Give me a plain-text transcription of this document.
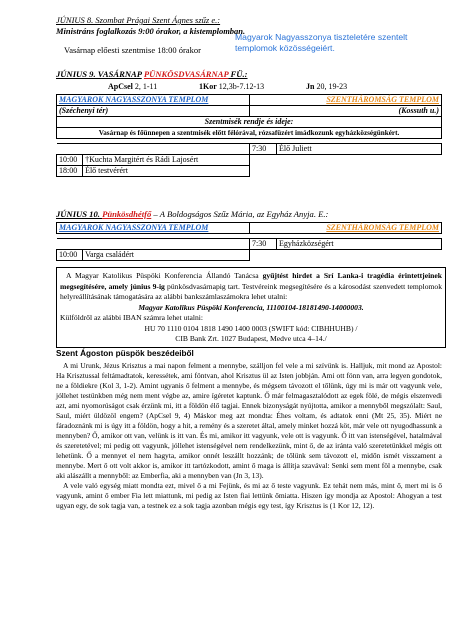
JÚNIUS 8. Szombat Prágai Szent Ágnes szűz e.:
Ministráns foglalkozás 9:00 órakor, a kistemplomban.
Vasárnap előesti szentmise 18:00 órakor
Magyarok Nagyasszonya tiszteletére szentelt templomok közösségeiért.
JÚNIUS 9. VASÁRNAP PÜNKÖSDVASÁRNAP FÜ.:
ApCsel 2, 1-11	1Kor 12,3b-7.12-13	Jn 20, 19-23
MAGYAROK NAGYASSZONYA TEMPLOM		SZENTHÁROMSÁG TEMPLOM	
(Széchenyi tér)		(Kossuth u.)	
Szentmisék rendje és ideje:			
Vasárnap és főünnepen a szentmisék előtt félórával, rózsafüzért imádkozunk egyházközségünkért.			

		7:30	Élő Juliett
10:00	†Kuchta Margitért és Rádi Lajosért		
18:00	Élő testvérért		
JÚNIUS 10. Pünkösdhétfő – A Boldogságos Szűz Mária, az Egyház Anyja. E.:
MAGYAROK NAGYASSZONYA TEMPLOM		SZENTHÁROMSÁG TEMPLOM	

		7:30	Egyházközségért
10:00	Varga családért		
A Magyar Katolikus Püspöki Konferencia Állandó Tanácsa gyűjtést hirdet a Srí Lanka-i tragédia érintettjeinek megsegítésére, amely június 9-ig pünkösdvasárnapig tart. Testvéreink megsegítésére és a károsodást szenvedett templomok helyreállításának támogatására az alábbi bankszámlaszámokra lehet utalni:
Magyar Katolikus Püspöki Konferencia, 11100104-18181490-14000003.
Külföldről az alábbi IBAN számra lehet utalni:
HU 70 1110 0104 1818 1490 1400 0003 (SWIFT kód: CIBHHUHB) /
CIB Bank Zrt. 1027 Budapest, Medve utca 4–14./
Szent Ágoston püspök beszédeiből

A mi Urunk, Jézus Krisztus a mai napon felment a mennybe, szálljon fel vele a mi szívünk is. Halljuk, mit mond az Apostol: Ha Krisztussal feltámadtatok, keressétek, ami föntvan, ahol Krisztus ül az Isten jobbján. Ami ott fönn van, arra legyen gondotok, ne a földiekre (Kol 3, 1-2). Amint ugyanis ő felment a mennybe, és mégsem távozott el tőlünk, úgy mi is már ott vagyunk vele, jóllehet testünkben még nem ment végbe az, amire ígéretet kaptunk. Ő már felmagasztalódott az egek fölé, de mégis elszenvedi azt, ami nyomorúságot csak érzünk mi, itt a földön élő tagjai. Ennek bizonyságát nyújtotta, amikor a mennyből megszólalt: Saul, Saul, miért üldözöl engem? (ApCsel 9, 4) Máskor meg azt mondta: Éhes voltam, és adtatok enni (Mt 25, 35). Miért ne fáradoznánk mi is úgy itt a földön, hogy a hit, a remény és a szeretet által, amely minket hozzá köt, már vele ott nyugodhassunk a mennyben? Ő, amikor ott van, velünk is itt van. És mi, amikor itt vagyunk, vele ott is vagyunk. Ő itt van istenségével, hatalmával és szeretetével; mi pedig ott vagyunk, jóllehet istenségével nem rendelkezünk, mint ő, de az iránta való szeretetünkkel mégis ott lehetünk. Ő a mennyet el nem hagyta, amikor onnét leszállt hozzánk; de tőlünk sem távozott el, midőn ismét visszament a mennybe. Mert ő ott volt akkor is, amikor itt tartózkodott, amint ő maga is állítja szavával: Senki sem ment föl a mennybe, csak aki alászállt a mennyből: az Emberfia, aki a mennyben van (Jn 3, 13).

A vele való egység miatt mondta ezt, mivel ő a mi Fejünk, és mi az ő teste vagyunk. Ez tehát nem más, mint ő, mert mi is ő vagyunk, amint ő ember Fia lett miattunk, mi pedig az Isten fiai lettünk őmiatta. Hiszen így mondja az Apostol: Ahogyan a test ugyan egy, de sok tagja van, a testnek ez a sok tagja azonban mégis egy test, így Krisztus is (1 Kor 12, 12).
